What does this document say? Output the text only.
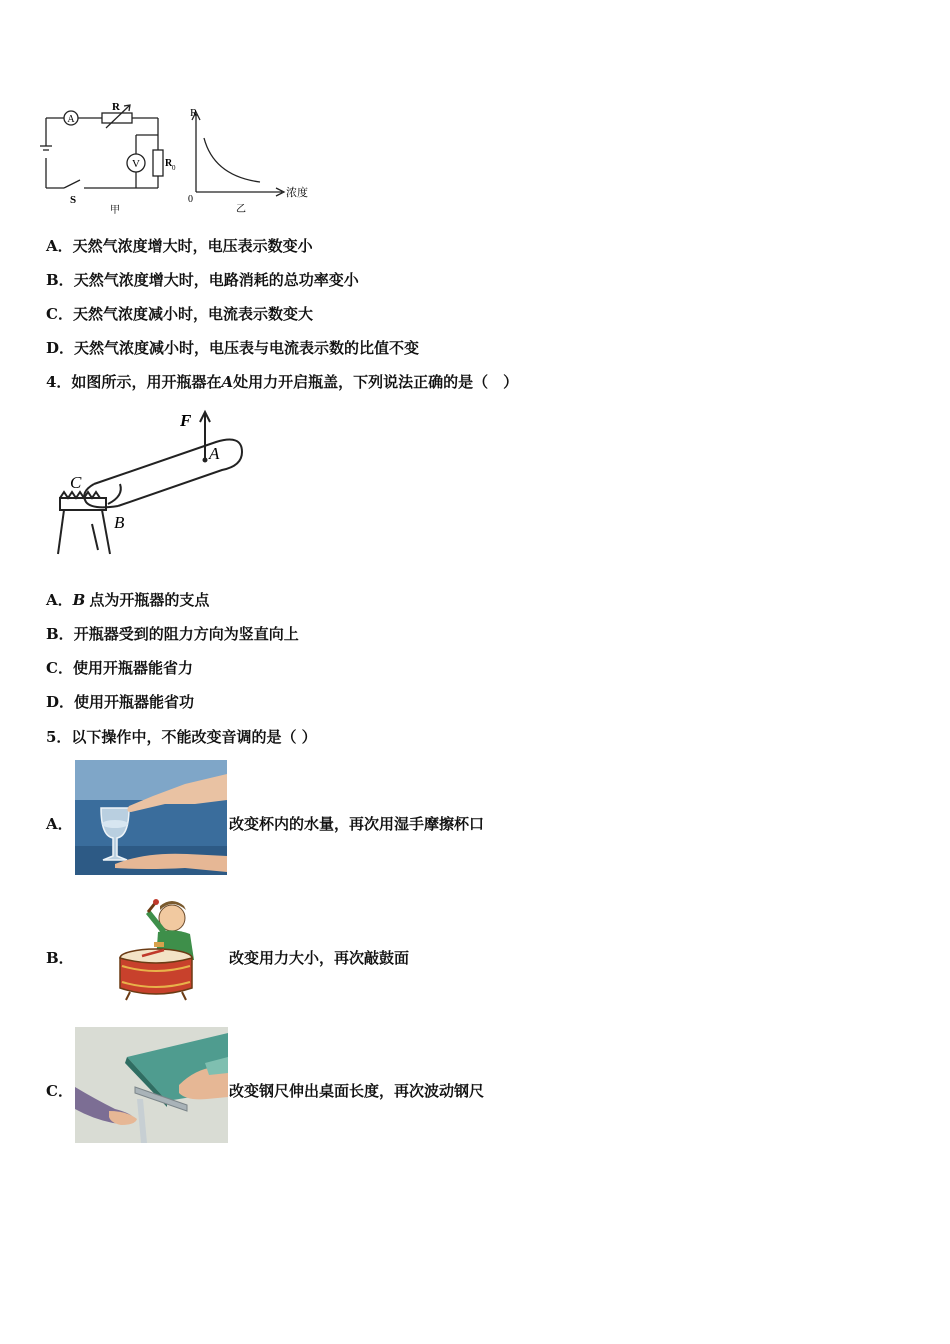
A
V
R
R 0
S
甲
R
浓度
0
乙
A．天然气浓度增大时，电压表示数变小
B．天然气浓度增大时，电路消耗的总功率变小
C．天然气浓度减小时，电流表示数变大
D．天然气浓度减小时，电压表与电流表示数的比值不变
4．如图所示，用开瓶器在A处用力开启瓶盖，下列说法正确的是（　）
F
A
C
B
A．B 点为开瓶器的支点
B．开瓶器受到的阻力方向为竖直向上
C．使用开瓶器能省力
D．使用开瓶器能省功
5．以下操作中，不能改变音调的是（ ）
A．	改变杯内的水量，再次用湿手摩擦杯口
B．	改变用力大小，再次敲鼓面
C．	改变钢尺伸出桌面长度，再次波动钢尺
